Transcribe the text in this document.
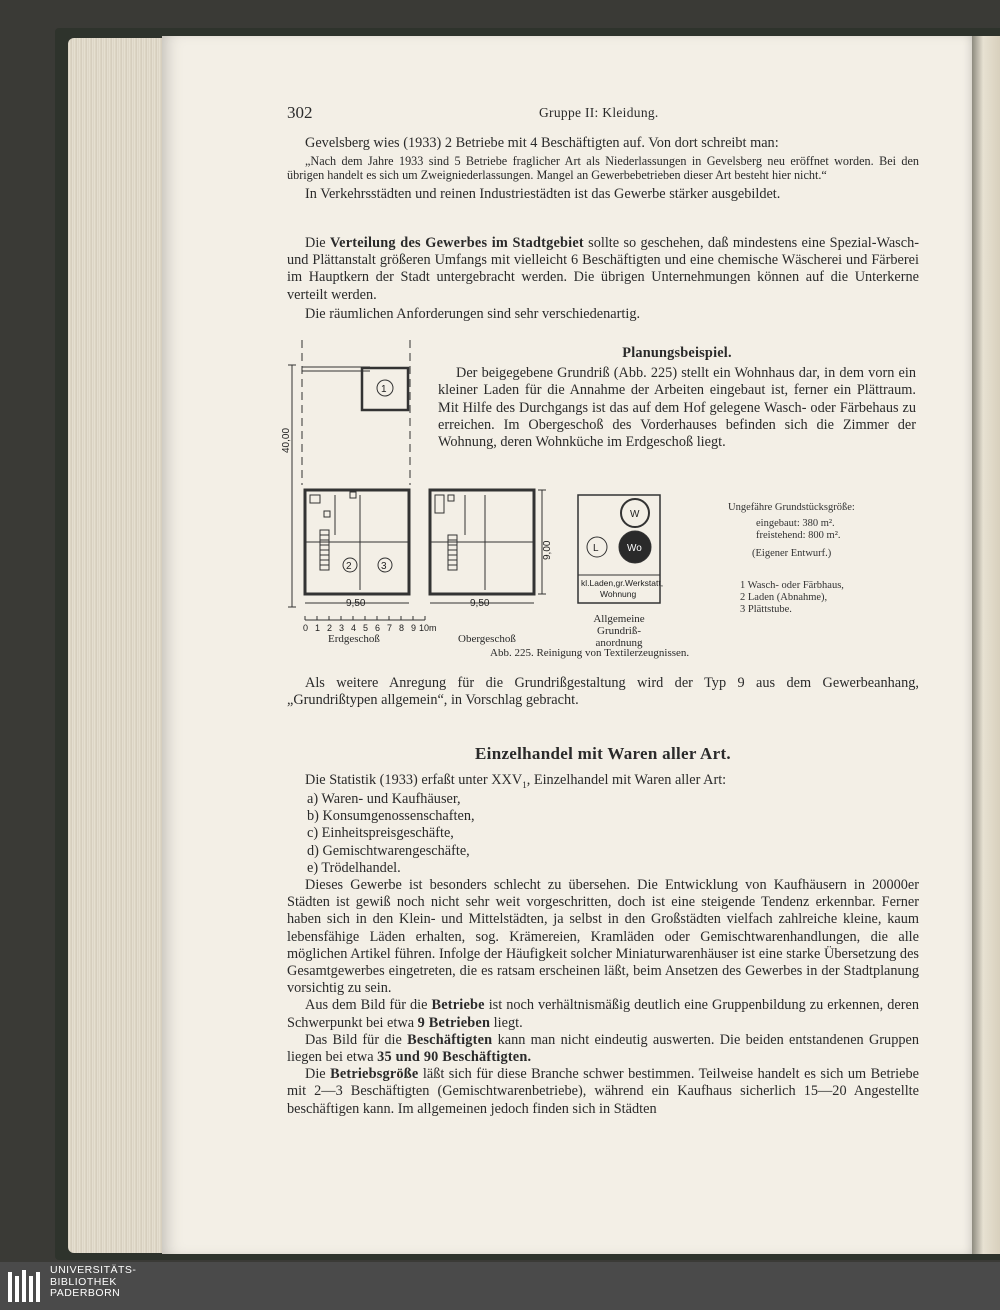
302	Gruppe II: Kleidung.

Gevelsberg wies (1933) 2 Betriebe mit 4 Beschäftigten auf. Von dort schreibt man:

„Nach dem Jahre 1933 sind 5 Betriebe fraglicher Art als Niederlassungen in Gevelsberg neu eröffnet worden. Bei den übrigen handelt es sich um Zweigniederlassungen. Mangel an Gewerbebetrieben dieser Art besteht hier nicht.“

In Verkehrsstädten und reinen Industriestädten ist das Gewerbe stärker ausgebildet.

Die Verteilung des Gewerbes im Stadtgebiet sollte so geschehen, daß mindestens eine Spezial-Wasch- und Plättanstalt größeren Umfangs mit vielleicht 6 Beschäftigten und eine chemische Wäscherei und Färberei im Hauptkern der Stadt untergebracht werden. Die übrigen Unternehmungen können auf die Unterkerne verteilt werden.

Die räumlichen Anforderungen sind sehr verschiedenartig.

Planungsbeispiel.

Der beigegebene Grundriß (Abb. 225) stellt ein Wohnhaus dar, in dem vorn ein kleiner Laden für die Annahme der Arbeiten eingebaut ist, ferner ein Plättraum. Mit Hilfe des Durchgangs ist das auf dem Hof gelegene Wasch- oder Färbehaus zu erreichen. Im Obergeschoß des Vorderhauses befinden sich die Zimmer der Wohnung, deren Wohnküche im Erdgeschoß liegt.

40,00
1
2	3
9,00
9,50	9,50
0 1 2 3 4 5 6 7 8 9 10m
W
L	Wo
kl.Laden,gr.Werkstatt,
Wohnung
Erdgeschoß	Obergeschoß
Allgemeine
Grundriß-
anordnung
Abb. 225. Reinigung von Textilerzeugnissen.
Ungefähre Grundstücksgröße:
eingebaut: 380 m².
freistehend: 800 m².
(Eigener Entwurf.)
1 Wasch- oder Färbhaus,
2 Laden (Abnahme),
3 Plättstube.

Als weitere Anregung für die Grundrißgestaltung wird der Typ 9 aus dem Gewerbeanhang, „Grundrißtypen allgemein“, in Vorschlag gebracht.

Einzelhandel mit Waren aller Art.

Die Statistik (1933) erfaßt unter $XXV_1$, Einzelhandel mit Waren aller Art:

a) Waren- und Kaufhäuser,
b) Konsumgenossenschaften,
c) Einheitspreisgeschäfte,
d) Gemischtwarengeschäfte,
e) Trödelhandel.

Dieses Gewerbe ist besonders schlecht zu übersehen. Die Entwicklung von Kaufhäusern in 20000er Städten ist gewiß noch nicht sehr weit vorgeschritten, doch ist eine steigende Tendenz erkennbar. Ferner haben sich in den Klein- und Mittelstädten, ja selbst in den Großstädten vielfach zahlreiche kleine, kaum lebensfähige Läden erhalten, sog. Krämereien, Kramläden oder Gemischtwarenhandlungen, die alle möglichen Artikel führen. Infolge der Häufigkeit solcher Miniaturwarenhäuser ist eine starke Übersetzung des Gesamtgewerbes eingetreten, die es ratsam erscheinen läßt, beim Ansetzen des Gewerbes in der Stadtplanung vorsichtig zu sein.

Aus dem Bild für die Betriebe ist noch verhältnismäßig deutlich eine Gruppenbildung zu erkennen, deren Schwerpunkt bei etwa 9 Betrieben liegt.

Das Bild für die Beschäftigten kann man nicht eindeutig auswerten. Die beiden entstandenen Gruppen liegen bei etwa 35 und 90 Beschäftigten.

Die Betriebsgröße läßt sich für diese Branche schwer bestimmen. Teilweise handelt es sich um Betriebe mit 2—3 Beschäftigten (Gemischtwarenbetriebe), während ein Kaufhaus sicherlich 15—20 Angestellte beschäftigen kann. Im allgemeinen jedoch finden sich in Städten

UNIVERSITÄTS-
BIBLIOTHEK
PADERBORN
